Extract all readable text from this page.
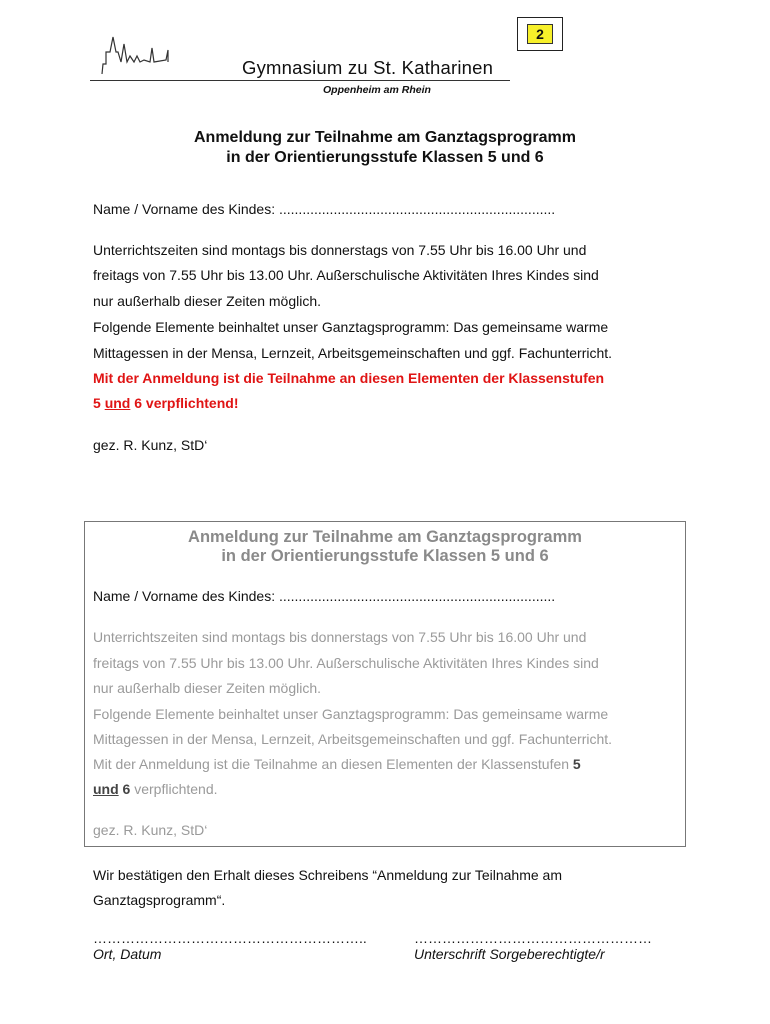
2
Gymnasium zu St. Katharinen
Oppenheim am Rhein
Anmeldung zur Teilnahme am Ganztagsprogramm
in der Orientierungsstufe Klassen 5 und 6
Name / Vorname des Kindes: .......................................................................
Unterrichtszeiten sind montags bis donnerstags von 7.55 Uhr bis 16.00 Uhr und
freitags von 7.55 Uhr bis 13.00 Uhr. Außerschulische Aktivitäten Ihres Kindes sind
nur außerhalb dieser Zeiten möglich.
Folgende Elemente beinhaltet unser Ganztagsprogramm: Das gemeinsame warme
Mittagessen in der Mensa, Lernzeit, Arbeitsgemeinschaften und ggf. Fachunterricht.
Mit der Anmeldung ist die Teilnahme an diesen Elementen der Klassenstufen
5 und 6 verpflichtend!
gez. R. Kunz, StD‘
Anmeldung zur Teilnahme am Ganztagsprogramm
in der Orientierungsstufe Klassen 5 und 6
Name / Vorname des Kindes: .......................................................................
Unterrichtszeiten sind montags bis donnerstags von 7.55 Uhr bis 16.00 Uhr und
freitags von 7.55 Uhr bis 13.00 Uhr. Außerschulische Aktivitäten Ihres Kindes sind
nur außerhalb dieser Zeiten möglich.
Folgende Elemente beinhaltet unser Ganztagsprogramm: Das gemeinsame warme
Mittagessen in der Mensa, Lernzeit, Arbeitsgemeinschaften und ggf. Fachunterricht.
Mit der Anmeldung ist die Teilnahme an diesen Elementen der Klassenstufen 5
und 6 verpflichtend.
gez. R. Kunz, StD‘
Wir bestätigen den Erhalt dieses Schreibens “Anmeldung zur Teilnahme am
Ganztagsprogramm“.
…………………………………………………..
Ort, Datum
……………………………………………
Unterschrift Sorgeberechtigte/r
